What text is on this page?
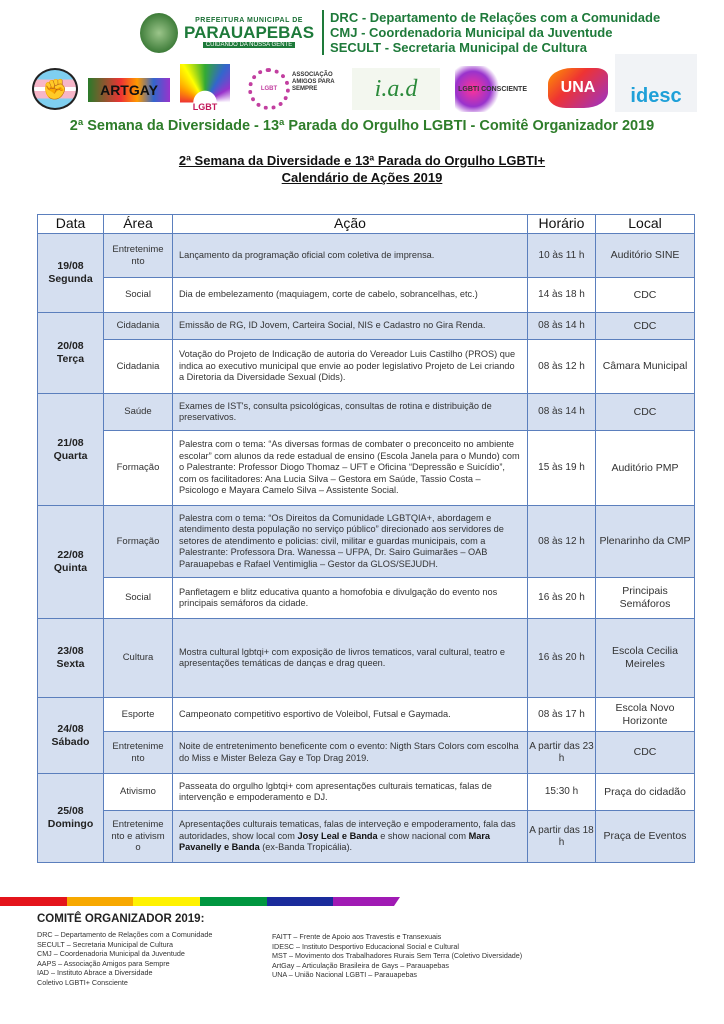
PREFEITURA MUNICIPAL DE
PARAUAPEBAS
CUIDANDO DA NOSSA GENTE
DRC - Departamento de Relações com a Comunidade
CMJ - Coordenadoria Municipal da Juventude
SECULT - Secretaria Municipal de Cultura
✊	ARTGAY
LGBT
LGBT
ASSOCIAÇÃO AMIGOS PARA SEMPRE	i.a.d	LGBTI CONSCIENTE	UNA	idesc
2ª Semana da Diversidade - 13ª Parada do Orgulho LGBTI - Comitê Organizador 2019
2ª Semana da Diversidade e 13ª Parada do Orgulho LGBTI+
Calendário de Ações 2019
Data	Área	Ação	Horário	Local

19/08
Segunda	Entretenimento	Lançamento da programação oficial com coletiva de imprensa.	10 às 11 h	Auditório SINE
	Social	Dia de embelezamento (maquiagem, corte de cabelo, sobrancelhas, etc.)	14 às 18 h	CDC

20/08
Terça	Cidadania	Emissão de RG, ID Jovem, Carteira Social, NIS e Cadastro no Gira Renda.	08 às 14 h	CDC
	Cidadania	Votação do Projeto de Indicação de autoria do Vereador Luis Castilho (PROS) que indica ao executivo municipal que envie ao poder legislativo Projeto de Lei criando a Diretoria da Diversidade Sexual (Dids).	08 às 12 h	Câmara Municipal

21/08
Quarta	Saúde	Exames de IST's, consulta psicológicas, consultas de rotina e distribuição de preservativos.	08 às 14 h	CDC
	Formação	Palestra com o tema: “As diversas formas de combater o preconceito no ambiente escolar” com alunos da rede estadual de ensino (Escola Janela para o Mundo) com o Palestrante: Professor Diogo Thomaz – UFT e Oficina “Depressão e Suicídio”, com os facilitadores: Ana Lucia Silva – Gestora em Saúde, Tassio Costa – Psicologo e Mayara Camelo Silva – Assistente Social.	15 às 19 h	Auditório PMP

22/08
Quinta	Formação	Palestra com o tema: “Os Direitos da Comunidade LGBTQIA+, abordagem e atendimento desta população no serviço público” direcionado aos servidores de setores de atendimento e policias: civil, militar e guardas municipais, com a Palestrante: Professora Dra. Wanessa – UFPA, Dr. Sairo Guimarães – OAB Parauapebas e Rafael Ventimiglia – Gestor da GLOS/SEJUDH.	08 às 12 h	Plenarinho da CMP
	Social	Panfletagem e blitz educativa quanto a homofobia e divulgação do evento nos principais semáforos da cidade.	16 às 20 h	Principais Semáforos

23/08
Sexta	Cultura	Mostra cultural lgbtqi+ com exposição de livros tematicos, varal cultural, teatro e apresentações temáticas de danças e drag queen.	16 às 20 h	Escola Cecilia Meireles

24/08
Sábado	Esporte	Campeonato competitivo esportivo de Voleibol, Futsal e Gaymada.	08 às 17 h	Escola Novo Horizonte
	Entretenimento	Noite de entretenimento beneficente com o evento: Nigth Stars Colors com escolha do Miss e Mister Beleza Gay e Top Drag 2019.	A partir das 23 h	CDC

25/08
Domingo	Ativismo	Passeata do orgulho lgbtqi+ com apresentações culturais tematicas, falas de intervenção e empoderamento e DJ.	15:30 h	Praça do cidadão
	Entretenimento e ativismo	Apresentações culturais tematicas, falas de interveção e empoderamento, fala das autoridades, show local com Josy Leal e Banda e show nacional com Mara Pavanelly e Banda (ex-Banda Tropicália).	A partir das 18 h	Praça de Eventos
COMITÊ ORGANIZADOR 2019:
DRC – Departamento de Relações com a Comunidade
SECULT – Secretaria Municipal de Cultura
CMJ – Coordenadoria Municipal da Juventude
AAPS – Associação Amigos para Sempre
IAD – Instituto Abrace a Diversidade
Coletivo LGBTI+ Consciente
FAITT – Frente de Apoio aos Travestis e Transexuais
IDESC – Instituto Desportivo Educacional Social e Cultural
MST – Movimento dos Trabalhadores Rurais Sem Terra (Coletivo Diversidade)
ArtGay – Articulação Brasileira de Gays – Parauapebas
UNA – União Nacional LGBTI – Parauapebas
